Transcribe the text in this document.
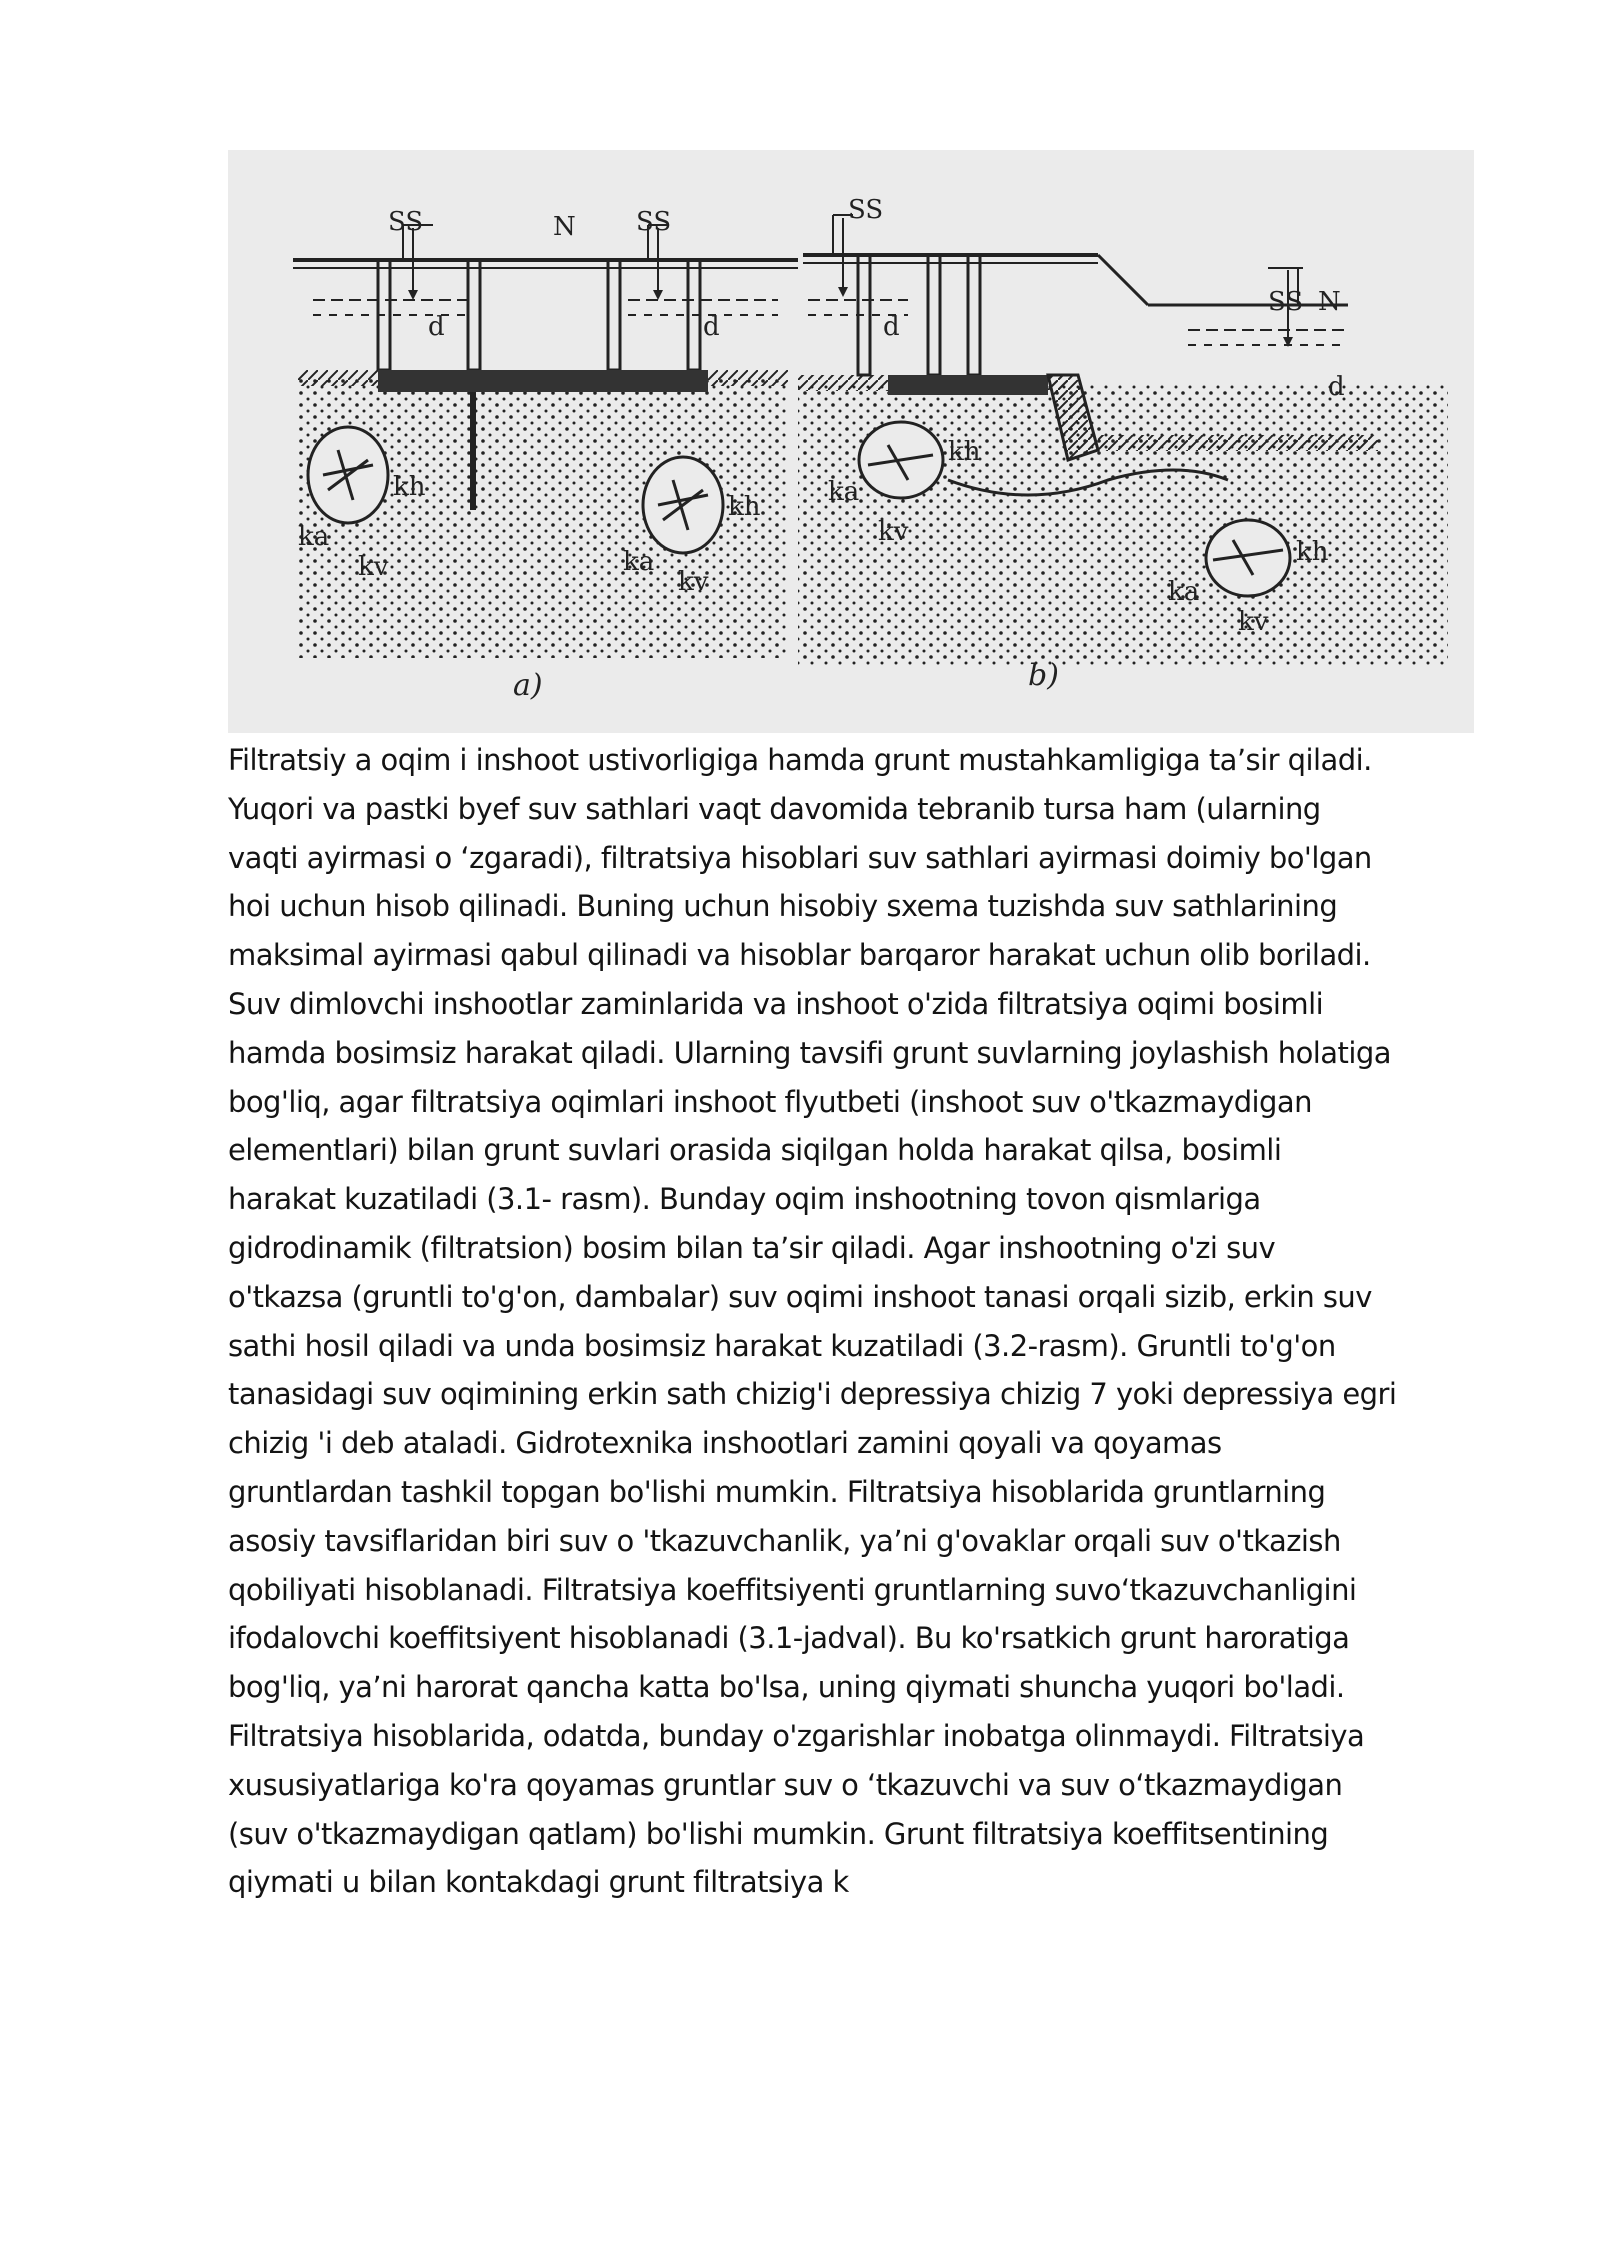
SS	N SS	SS
SS N
d	d	d
d
kh
ka
kv
kh
ka
kv
kh
ka
kv
kh
ka
kv
a)	b)
Filtratsiy a oqim i inshoot ustivorligiga hamda grunt mustahkamligiga ta’sir qiladi.
Yuqori va pastki byef suv sathlari vaqt davomida tebranib tursa ham (ularning
vaqti ayirmasi o ‘zgaradi), filtratsiya hisoblari suv sathlari ayirmasi doimiy bo'lgan
hoi uchun hisob qilinadi. Buning uchun hisobiy sxema tuzishda suv sathlarining
maksimal ayirmasi qabul qilinadi va hisoblar barqaror harakat uchun olib boriladi.
Suv dimlovchi inshootlar zaminlarida va inshoot o'zida filtratsiya oqimi bosimli
hamda bosimsiz harakat qiladi. Ularning tavsifi grunt suvlarning joylashish holatiga
bog'liq, agar filtratsiya oqimlari inshoot flyutbeti (inshoot suv o'tkazmaydigan
elementlari) bilan grunt suvlari orasida siqilgan holda harakat qilsa, bosimli
harakat kuzatiladi (3.1- rasm). Bunday oqim inshootning tovon qismlariga
gidrodinamik (filtratsion) bosim bilan ta’sir qiladi. Agar inshootning o'zi suv
o'tkazsa (gruntli to'g'on, dambalar) suv oqimi inshoot tanasi orqali sizib, erkin suv
sathi hosil qiladi va unda bosimsiz harakat kuzatiladi (3.2-rasm). Gruntli to'g'on
tanasidagi suv oqimining erkin sath chizig'i depressiya chizig 7 yoki depressiya egri
chizig 'i deb ataladi. Gidrotexnika inshootlari zamini qoyali va qoyamas
gruntlardan tashkil topgan bo'lishi mumkin. Filtratsiya hisoblarida gruntlarning
asosiy tavsiflaridan biri suv o 'tkazuvchanlik, ya’ni g'ovaklar orqali suv o'tkazish
qobiliyati hisoblanadi. Filtratsiya koeffitsiyenti gruntlarning suvo‘tkazuvchanligini
ifodalovchi koeffitsiyent hisoblanadi (3.1-jadval). Bu ko'rsatkich grunt haroratiga
bog'liq, ya’ni harorat qancha katta bo'lsa, uning qiymati shuncha yuqori bo'ladi.
Filtratsiya hisoblarida, odatda, bunday o'zgarishlar inobatga olinmaydi. Filtratsiya
xususiyatlariga ko'ra qoyamas gruntlar suv o ‘tkazuvchi va suv o‘tkazmaydigan
(suv o'tkazmaydigan qatlam) bo'lishi mumkin. Grunt filtratsiya koeffitsentining
qiymati u bilan kontakdagi grunt filtratsiya k
